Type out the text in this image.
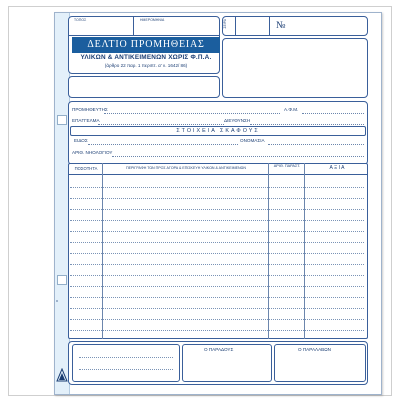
ΤΟΠΟΣ	ΗΜΕΡΟΜΗΝΙΑ
ΔΕΛΤΙΟ ΠΡΟΜΗΘΕΙΑΣ
ΥΛΙΚΩΝ & ΑΝΤΙΚΕΙΜΕΝΩΝ ΧΩΡΙΣ Φ.Π.Α.
(άρθρο 22 παρ. 1 περιπτ. α' ν. 1642/ 86)
ΣΕΙΡΑ	№
ΠΡΟΜΗΘΕΥΤΗΣ	Α.Φ.Μ.
ΕΠΑΓΓΕΛΜΑ	ΔΙΕΥΘΥΝΣΗ
ΣΤΟΙΧΕΙΑ ΣΚΑΦΟΥΣ
ΕΙΔΟΣ	ΟΝΟΜΑΣΙΑ
ΑΡΙΘ. ΝΗΟΛΟΓΙΟΥ
ΠΟΣΟΤΗΤΑ	ΠΕΡΙΓΡΑΦΗ ΤΩΝ ΠΡΟΣ ΑΓΟΡΑ & ΕΠΙΣΚΕΥΗ ΥΛΙΚΩΝ & ΑΝΤΙΚΕΙΜΕΝΩΝ	ΑΡΙΘ. ΠΑΡΑΣΤ.	Α Ξ Ι Α
Ο ΠΑΡΑΔΟΥΣ	Ο ΠΑΡΑΛΑΒΩΝ
